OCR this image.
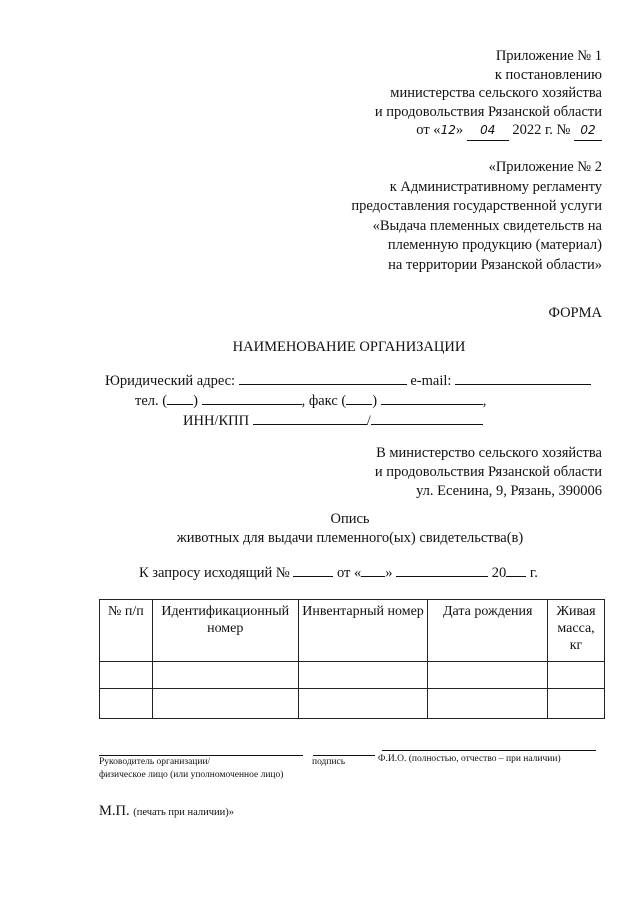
Приложение № 1
к постановлению
министерства сельского хозяйства
и продовольствия Рязанской области
от «12» 04 2022 г. № 02
«Приложение № 2
к Административному регламенту
предоставления государственной услуги
«Выдача племенных свидетельств на
племенную продукцию (материал)
на территории Рязанской области»
ФОРМА
НАИМЕНОВАНИЕ ОРГАНИЗАЦИИ
Юридический адрес:	e-mail:
тел. ( )	, факс ( )	,
ИНН/КПП	/
В министерство сельского хозяйства
и продовольствия Рязанской области
ул. Есенина, 9, Рязань, 390006
Опись
животных для выдачи племенного(ых) свидетельства(в)
К запросу исходящий №	от « »	20 г.
№ п/п	Идентификационный номер	Инвентарный номер	Дата рождения	Живая масса, кг

Руководитель организации/
физическое лицо (или уполномоченное лицо)
подпись	Ф.И.О. (полностью, отчество – при наличии)
М.П. (печать при наличии)»
